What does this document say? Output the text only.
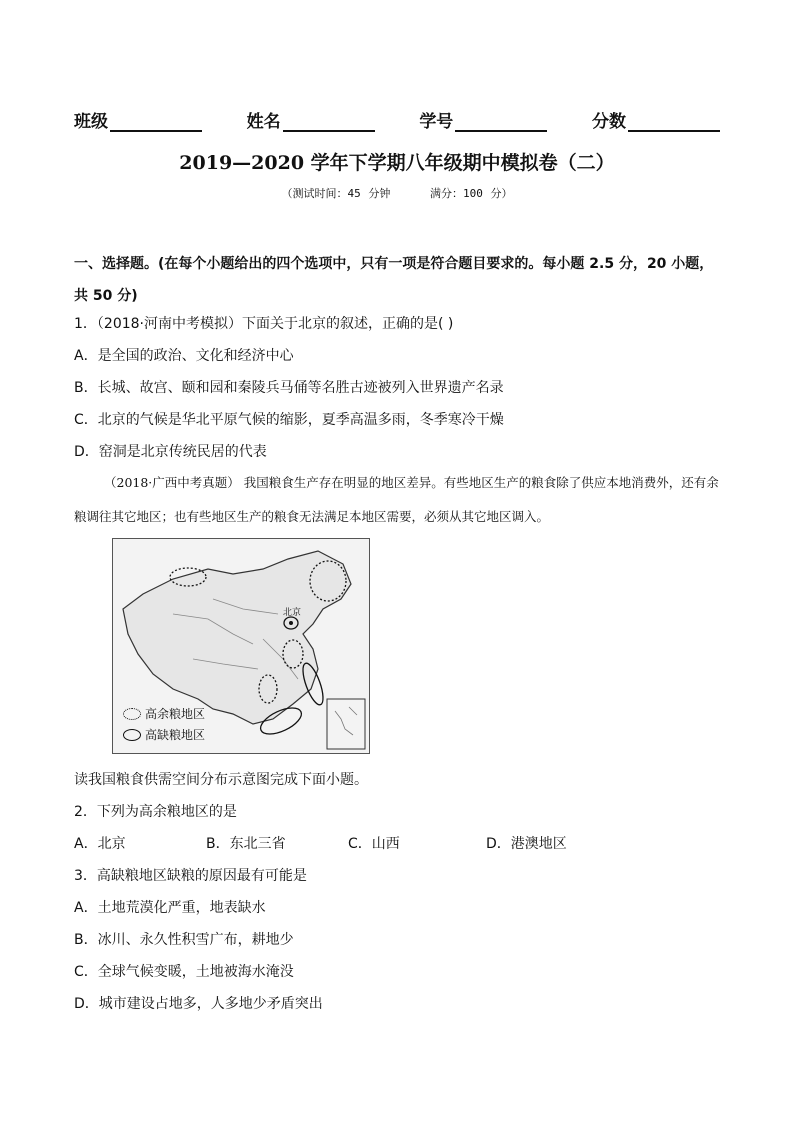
班级	姓名	学号	分数
2019—2020 学年下学期八年级期中模拟卷（二）
（测试时间：45 分钟	满分：100 分）
一、选择题。(在每个小题给出的四个选项中，只有一项是符合题目要求的。每小题 2.5 分，20 小题，共 50 分)
1．（2018·河南中考模拟）下面关于北京的叙述，正确的是( )
A．是全国的政治、文化和经济中心
B．长城、故宫、颐和园和秦陵兵马俑等名胜古迹被列入世界遗产名录
C．北京的气候是华北平原气候的缩影，夏季高温多雨，冬季寒冷干燥
D．窑洞是北京传统民居的代表
（2018·广西中考真题） 我国粮食生产存在明显的地区差异。有些地区生产的粮食除了供应本地消费外，还有余粮调往其它地区；也有些地区生产的粮食无法满足本地区需要，必须从其它地区调入。
北京
高余粮地区
高缺粮地区
读我国粮食供需空间分布示意图完成下面小题。
2．下列为高余粮地区的是
A．北京	B．东北三省	C．山西	D．港澳地区
3．高缺粮地区缺粮的原因最有可能是
A．土地荒漠化严重，地表缺水
B．冰川、永久性积雪广布，耕地少
C．全球气候变暖，土地被海水淹没
D．城市建设占地多，人多地少矛盾突出
